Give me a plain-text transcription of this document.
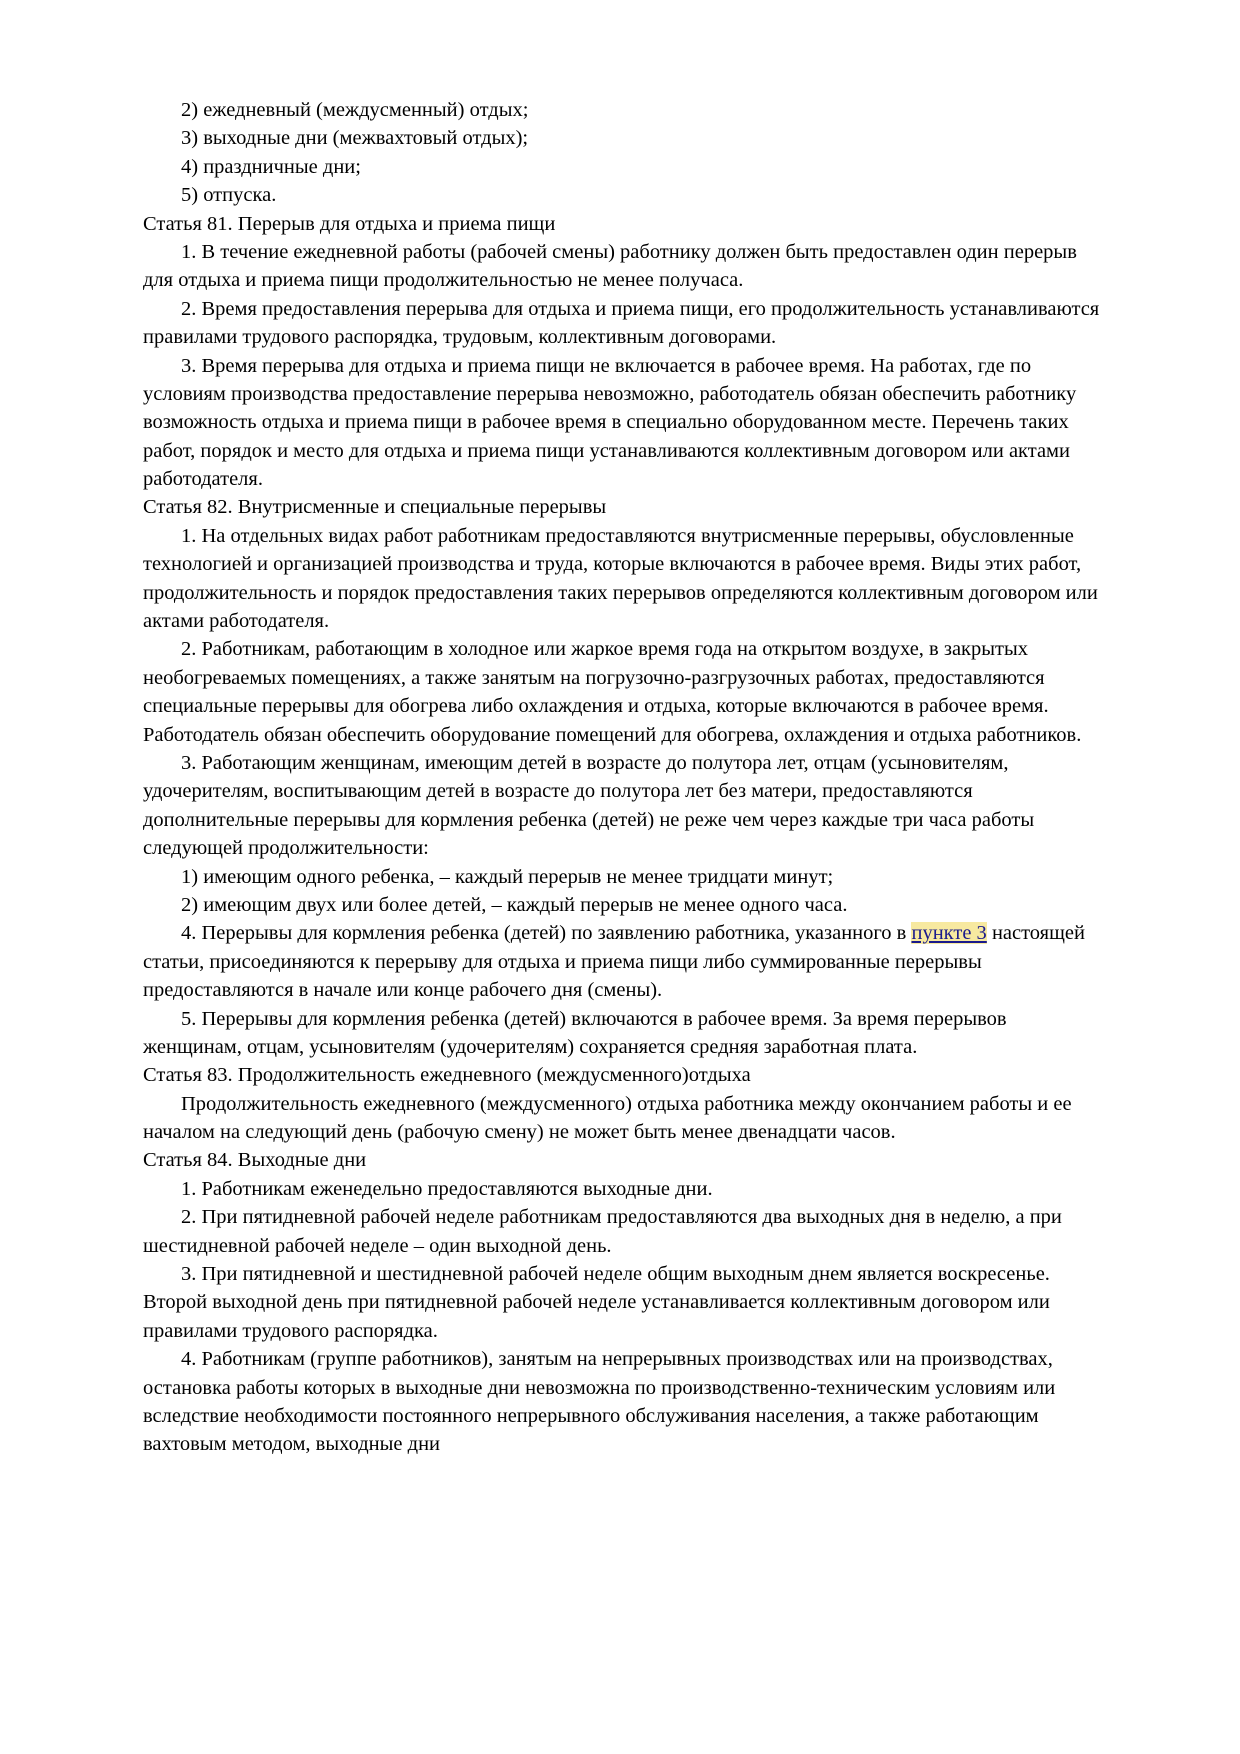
2) ежедневный (междусменный) отдых;

3) выходные дни (межвахтовый отдых);

4) праздничные дни;

5) отпуска.

Статья 81. Перерыв для отдыха и приема пищи

1. В течение ежедневной работы (рабочей смены) работнику должен быть предоставлен один перерыв для отдыха и приема пищи продолжительностью не менее получаса.

2. Время предоставления перерыва для отдыха и приема пищи, его продолжительность устанавливаются правилами трудового распорядка, трудовым, коллективным договорами.

3. Время перерыва для отдыха и приема пищи не включается в рабочее время. На работах, где по условиям производства предоставление перерыва невозможно, работодатель обязан обеспечить работнику возможность отдыха и приема пищи в рабочее время в специально оборудованном месте. Перечень таких работ, порядок и место для отдыха и приема пищи устанавливаются коллективным договором или актами работодателя.

Статья 82. Внутрисменные и специальные перерывы

1. На отдельных видах работ работникам предоставляются внутрисменные перерывы, обусловленные технологией и организацией производства и труда, которые включаются в рабочее время. Виды этих работ, продолжительность и порядок предоставления таких перерывов определяются коллективным договором или актами работодателя.

2. Работникам, работающим в холодное или жаркое время года на открытом воздухе, в закрытых необогреваемых помещениях, а также занятым на погрузочно-разгрузочных работах, предоставляются специальные перерывы для обогрева либо охлаждения и отдыха, которые включаются в рабочее время. Работодатель обязан обеспечить оборудование помещений для обогрева, охлаждения и отдыха работников.

3. Работающим женщинам, имеющим детей в возрасте до полутора лет, отцам (усыновителям, удочерителям, воспитывающим детей в возрасте до полутора лет без матери, предоставляются дополнительные перерывы для кормления ребенка (детей) не реже чем через каждые три часа работы следующей продолжительности:

1) имеющим одного ребенка, – каждый перерыв не менее тридцати минут;

2) имеющим двух или более детей, – каждый перерыв не менее одного часа.

4. Перерывы для кормления ребенка (детей) по заявлению работника, указанного в пункте 3 настоящей статьи, присоединяются к перерыву для отдыха и приема пищи либо суммированные перерывы предоставляются в начале или конце рабочего дня (смены).

5. Перерывы для кормления ребенка (детей) включаются в рабочее время. За время перерывов женщинам, отцам, усыновителям (удочерителям) сохраняется средняя заработная плата.

Статья 83. Продолжительность ежедневного (междусменного)отдыха

Продолжительность ежедневного (междусменного) отдыха работника между окончанием работы и ее началом на следующий день (рабочую смену) не может быть менее двенадцати часов.

Статья 84. Выходные дни

1. Работникам еженедельно предоставляются выходные дни.

2. При пятидневной рабочей неделе работникам предоставляются два выходных дня в неделю, а при шестидневной рабочей неделе – один выходной день.

3. При пятидневной и шестидневной рабочей неделе общим выходным днем является воскресенье. Второй выходной день при пятидневной рабочей неделе устанавливается коллективным договором или правилами трудового распорядка.

4. Работникам (группе работников), занятым на непрерывных производствах или на производствах, остановка работы которых в выходные дни невозможна по производственно-техническим условиям или вследствие необходимости постоянного непрерывного обслуживания населения, а также работающим вахтовым методом, выходные дни
